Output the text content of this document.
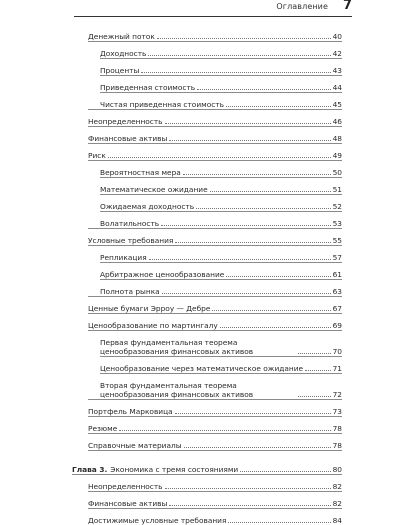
Оглавление 7
Денежный поток	40
Доходность	42
Проценты	43
Приведенная стоимость	44
Чистая приведенная стоимость	45
Неопределенность	46
Финансовые активы	48
Риск	49
Вероятностная мера	50
Математическое ожидание	51
Ожидаемая доходность	52
Волатильность	53
Условные требования	55
Репликация	57
Арбитражное ценообразование	61
Полнота рынка	63
Ценные бумаги Эрроу — Дебре	67
Ценообразование по мартингалу	69
Первая фундаментальная теорема ценообразования финансовых активов	70
Ценообразование через математическое ожидание	71
Вторая фундаментальная теорема ценообразования финансовых активов	72
Портфель Марковица	73
Резюме	78
Справочные материалы	78
Глава 3. Экономика с тремя состояниями	80
Неопределенность	82
Финансовые активы	82
Достижимые условные требования	84
